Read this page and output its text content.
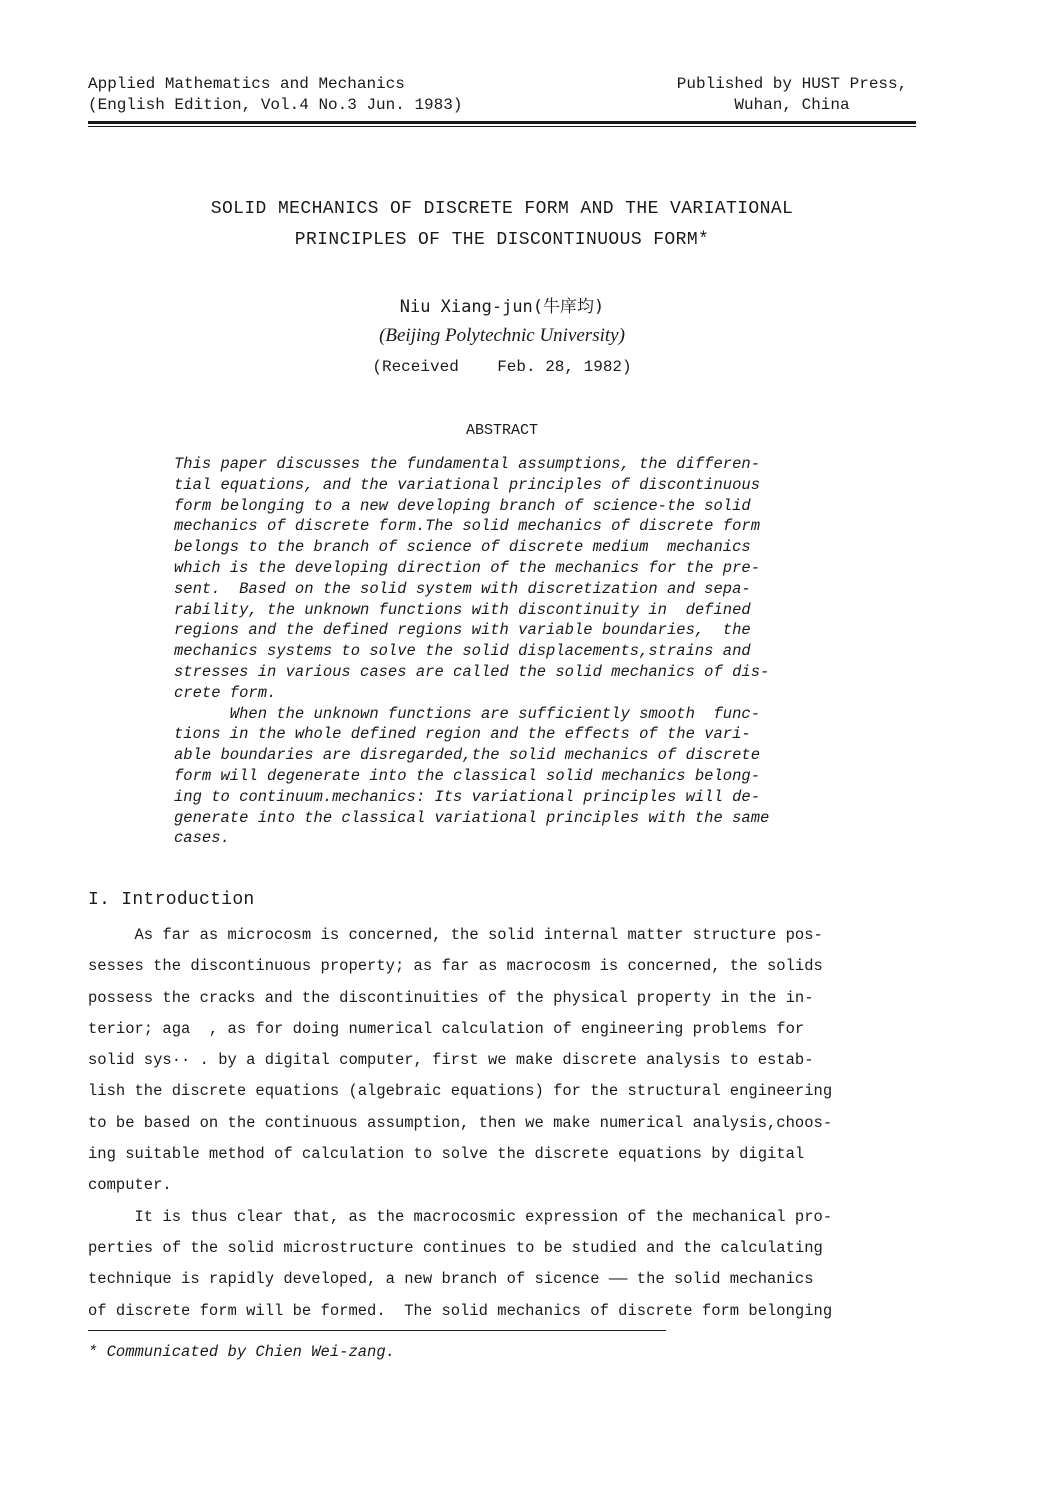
Applied Mathematics and Mechanics
(English Edition, Vol.4 No.3 Jun. 1983)
Published by HUST Press,
Wuhan, China
SOLID MECHANICS OF DISCRETE FORM AND THE VARIATIONAL
PRINCIPLES OF THE DISCONTINUOUS FORM*
Niu Xiang-jun(牛庠均)
(Beijing Polytechnic University)
(Received    Feb. 28, 1982)
ABSTRACT
This paper discusses the fundamental assumptions, the differen-
tial equations, and the variational principles of discontinuous
form belonging to a new developing branch of science-the solid
mechanics of discrete form.The solid mechanics of discrete form
belongs to the branch of science of discrete medium  mechanics
which is the developing direction of the mechanics for the pre-
sent.  Based on the solid system with discretization and sepa-
rability, the unknown functions with discontinuity in  defined
regions and the defined regions with variable boundaries,  the
mechanics systems to solve the solid displacements,strains and
stresses in various cases are called the solid mechanics of dis-
crete form.
When the unknown functions are sufficiently smooth  func-
tions in the whole defined region and the effects of the vari-
able boundaries are disregarded,the solid mechanics of discrete
form will degenerate into the classical solid mechanics belong-
ing to continuum.mechanics: Its variational principles will de-
generate into the classical variational principles with the same
cases.
I. Introduction
As far as microcosm is concerned, the solid internal matter structure pos-
sesses the discontinuous property; as far as macrocosm is concerned, the solids
possess the cracks and the discontinuities of the physical property in the in-
terior; aga  , as for doing numerical calculation of engineering problems for
solid sys·· . by a digital computer, first we make discrete analysis to estab-
lish the discrete equations (algebraic equations) for the structural engineering
to be based on the continuous assumption, then we make numerical analysis,choos-
ing suitable method of calculation to solve the discrete equations by digital
computer.
It is thus clear that, as the macrocosmic expression of the mechanical pro-
perties of the solid microstructure continues to be studied and the calculating
technique is rapidly developed, a new branch of sicence —— the solid mechanics
of discrete form will be formed.  The solid mechanics of discrete form belonging
* Communicated by Chien Wei-zang.
